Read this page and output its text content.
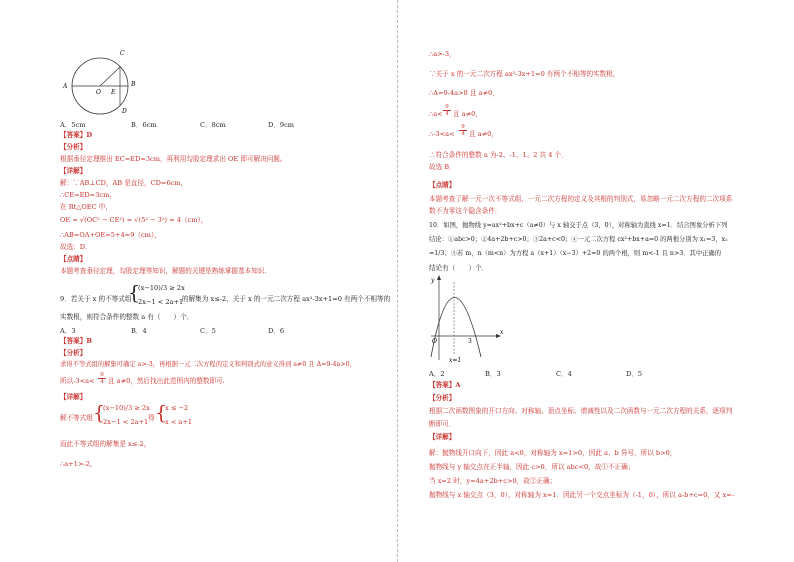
A	B
C
D
O E
A．5cm	B．6cm	C．8cm	D．9cm
【答案】D
【分析】
根据垂径定理推出 EC=ED=3cm，再利用勾股定理求出 OE 即可解决问题。
【详解】
解：∵AB⊥CD，AB 是直径，CD=6cm，
∴CE=ED=3cm，
在 Rt△OEC 中，
OE = √(OC² − CE²) = √(5² − 3²) = 4（cm），
∴AB=OA+OE=5+4=9（cm），
故选：D.
【点睛】
本题考查垂径定理，勾股定理等知识，解题的关键是熟练掌握基本知识.
9．若关于 x 的不等式组
{
(x−10)/3 ≥ 2x
2x−1 < 2a+1
的解集为 x≤-2，关于 x 的一元二次方程 ax²-3x+1=0 有两个不相等的
实数根，则符合条件的整数 a 有（　　）个．
A．3	B．4	C．5	D．6
【答案】B
【分析】
求得不等式组的解集可确定 a>-3，再根据一元二次方程的定义和判别式的意义得到 a≠0 且 Δ=9-4a>0，
所以$-3<a< \frac{9}{4}$ 且 a≠0，然后找出此范围内的整数即可.
【详解】
解不等式组 {
(x−10)/3 ≥ 2x
2x−1 < 2a+1 得 {
x ≤ −2
x < a+1
而此不等式组的解集是 x≤-2，
∴a+1>-2，
∴a>-3，
∵关于 x 的一元二次方程 ax²-3x+1=0 有两个不相等的实数根，
∴Δ=9-4a>0 且 a≠0，
∴a< $\frac{9}{4}$ 且 a≠0，
∴-3<a< $\frac{9}{4}$ 且 a≠0，
∴符合条件的整数 a 为-2、-1、1、2 共 4 个．
故选 B．
【点睛】
本题考查了解一元一次不等式组、一元二次方程的定义及其根的判别式，易忽略一元二次方程的二次项系
数不为零这个隐含条件．
10．如图，抛物线 y=ax²+bx+c（a≠0）与 x 轴交于点（3，0），对称轴为直线 x=1．结合图象分析下列
结论：①abc>0；②4a+2b+c>0；③2a+c<0；④一元二次方程 cx²+bx+a=0 的两根分别为 x₁=3，x₂
=1/3；⑤若 m，n（m<n）为方程 a（x+1）（x−3）+2=0 的两个根，则 m<-1 且 n>3．其中正确的
结论有（　　）个．
y
x
O	3
x=1
A．2	B．3	C．4	D．5
【答案】A
【分析】
根据二次函数图象的开口方向、对称轴、顶点坐标、增减性以及二次函数与一元二次方程的关系，逐项判
断即可．
【详解】
解：抛物线开口向下，因此 a<0，对称轴为 x=1>0，因此 a、b 异号，所以 b>0，
抛物线与 y 轴交点在正半轴，因此 c>0，所以 abc<0，故①不正确；
当 x=2 时，y=4a+2b+c>0，故②正确；
抛物线与 x 轴交点（3，0），对称轴为 x=1．因此另一个交点坐标为（-1，0），所以 a-b+c=0，又 x=-
